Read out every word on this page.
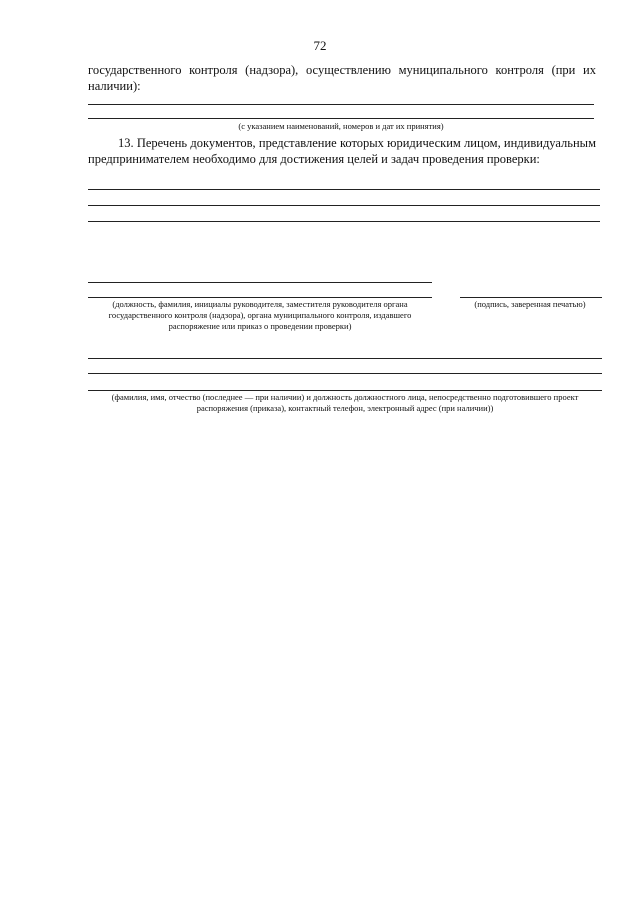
72
государственного контроля (надзора), осуществлению муниципального контроля (при их наличии):
(с указанием наименований, номеров и дат их принятия)
13. Перечень документов, представление которых юридическим лицом, индивидуальным предпринимателем необходимо для достижения целей и задач проведения проверки:
(должность, фамилия, инициалы руководителя, заместителя руководителя органа государственного контроля (надзора), органа муниципального контроля, издавшего распоряжение или приказ о проведении проверки)
(подпись, заверенная печатью)
(фамилия, имя, отчество (последнее — при наличии) и должность должностного лица, непосредственно подготовившего проект распоряжения (приказа), контактный телефон, электронный адрес (при наличии))
